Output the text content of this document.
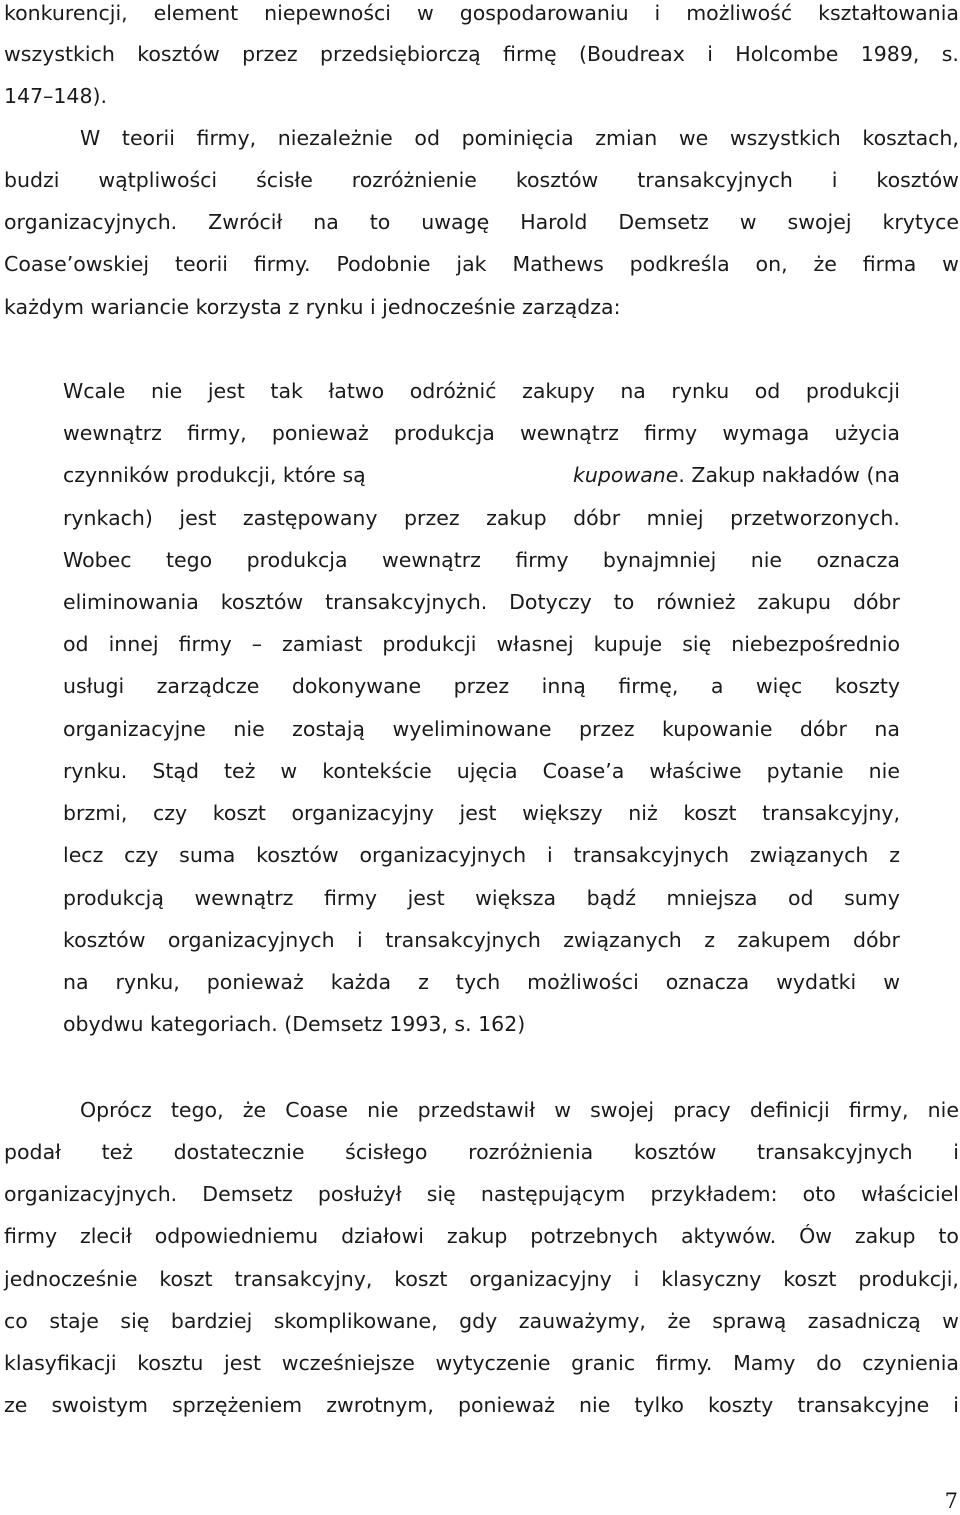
konkurencji, element niepewności w gospodarowaniu i możliwość kształtowania
wszystkich kosztów przez przedsiębiorczą firmę (Boudreax i Holcombe 1989, s.
147–148).
W teorii firmy, niezależnie od pominięcia zmian we wszystkich kosztach,
budzi wątpliwości ścisłe rozróżnienie kosztów transakcyjnych i kosztów
organizacyjnych. Zwrócił na to uwagę Harold Demsetz w swojej krytyce
Coase’owskiej teorii firmy. Podobnie jak Mathews podkreśla on, że firma w
każdym wariancie korzysta z rynku i jednocześnie zarządza:
Wcale nie jest tak łatwo odróżnić zakupy na rynku od produkcji
wewnątrz firmy, ponieważ produkcja wewnątrz firmy wymaga użycia
czynników produkcji, które są	kupowane. Zakup nakładów (na
rynkach) jest zastępowany przez zakup dóbr mniej przetworzonych.
Wobec tego produkcja wewnątrz firmy bynajmniej nie oznacza
eliminowania kosztów transakcyjnych. Dotyczy to również zakupu dóbr
od innej firmy – zamiast produkcji własnej kupuje się niebezpośrednio
usługi zarządcze dokonywane przez inną firmę, a więc koszty
organizacyjne nie zostają wyeliminowane przez kupowanie dóbr na
rynku. Stąd też w kontekście ujęcia Coase’a właściwe pytanie nie
brzmi, czy koszt organizacyjny jest większy niż koszt transakcyjny,
lecz czy suma kosztów organizacyjnych i transakcyjnych związanych z
produkcją wewnątrz firmy jest większa bądź mniejsza od sumy
kosztów organizacyjnych i transakcyjnych związanych z zakupem dóbr
na rynku, ponieważ każda z tych możliwości oznacza wydatki w
obydwu kategoriach. (Demsetz 1993, s. 162)
Oprócz tego, że Coase nie przedstawił w swojej pracy definicji firmy, nie
podał też dostatecznie ścisłego rozróżnienia kosztów transakcyjnych i
organizacyjnych. Demsetz posłużył się następującym przykładem: oto właściciel
firmy zlecił odpowiedniemu działowi zakup potrzebnych aktywów. Ów zakup to
jednocześnie koszt transakcyjny, koszt organizacyjny i klasyczny koszt produkcji,
co staje się bardziej skomplikowane, gdy zauważymy, że sprawą zasadniczą w
klasyfikacji kosztu jest wcześniejsze wytyczenie granic firmy. Mamy do czynienia
ze swoistym sprzężeniem zwrotnym, ponieważ nie tylko koszty transakcyjne i
7
